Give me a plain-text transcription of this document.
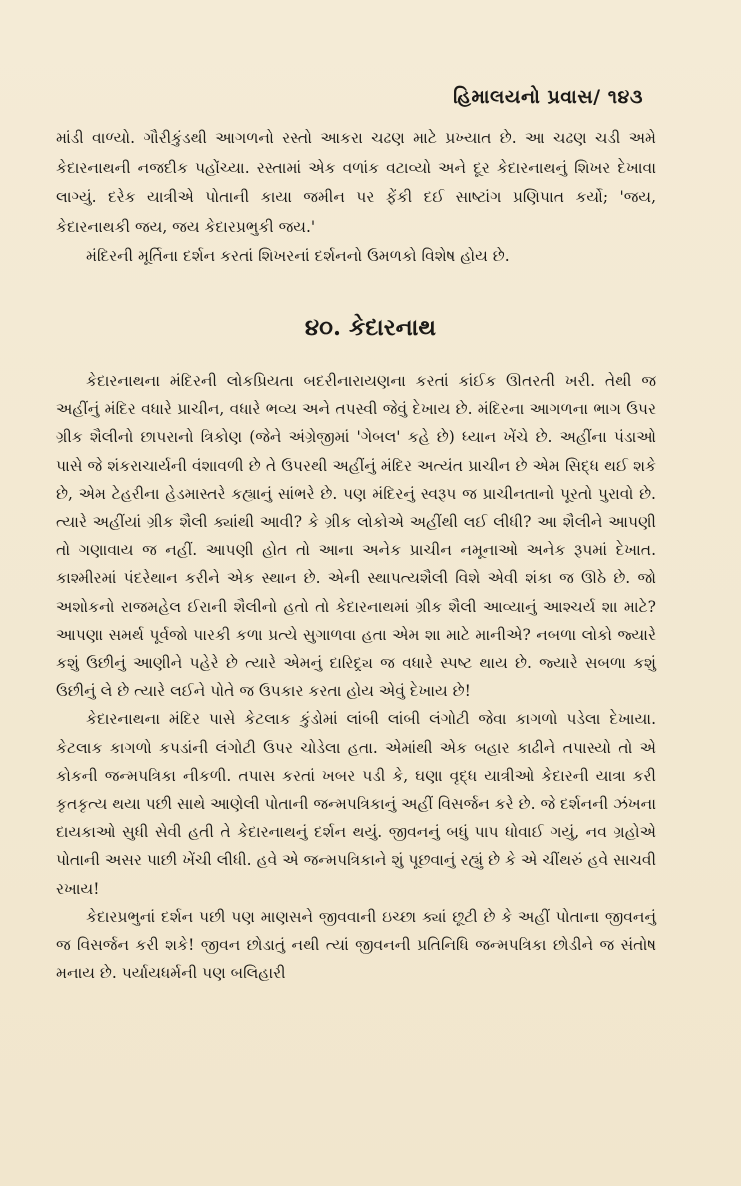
હિમાલયનો પ્રવાસ/ ૧૪૩

માંડી વાળ્યો. ગૌરીકુંડથી આગળનો રસ્તો આકરા ચઢણ માટે પ્રખ્યાત છે. આ ચઢણ ચડી અમે કેદારનાથની નજદીક પહોંચ્યા. રસ્તામાં એક વળાંક વટાવ્યો અને દૂર કેદારનાથનું શિખર દેખાવા લાગ્યું. દરેક યાત્રીએ પોતાની કાયા જમીન પર ફેંકી દઈ સાષ્ટાંગ પ્રણિપાત કર્યો; 'જય, કેદારનાથકી જય, જય કેદારપ્રભુકી જય.'

મંદિરની મૂર્તિના દર્શન કરતાં શિખરનાં દર્શનનો ઉમળકો વિશેષ હોય છે.

૪૦. કેદારનાથ

કેદારનાથના મંદિરની લોકપ્રિયતા બદરીનારાયણના કરતાં કાંઈક ઊતરતી ખરી. તેથી જ અહીંનું મંદિર વધારે પ્રાચીન, વધારે ભવ્ય અને તપસ્વી જેવું દેખાય છે. મંદિરના આગળના ભાગ ઉપર ગ્રીક શૈલીનો છાપરાનો ત્રિકોણ (જેને અંગ્રેજીમાં 'ગેબલ' કહે છે) ધ્યાન ખેંચે છે. અહીંના પંડાઓ પાસે જે શંકરાચાર્યની વંશાવળી છે તે ઉપરથી અહીંનું મંદિર અત્યંત પ્રાચીન છે એમ સિદ્ધ થઈ શકે છે, એમ ટેહરીના હેડમાસ્તરે કહ્યાનું સાંભરે છે. પણ મંદિરનું સ્વરૂપ જ પ્રાચીનતાનો પૂરતો પુરાવો છે. ત્યારે અહીંયાં ગ્રીક શૈલી ક્યાંથી આવી? કે ગ્રીક લોકોએ અહીંથી લઈ લીધી? આ શૈલીને આપણી તો ગણાવાય જ નહીં. આપણી હોત તો આના અનેક પ્રાચીન નમૂનાઓ અનેક રૂપમાં દેખાત. કાશ્મીરમાં પંદરેથાન કરીને એક સ્થાન છે. એની સ્થાપત્યશૈલી વિશે એવી શંકા જ ઊઠે છે. જો અશોકનો રાજમહેલ ઈરાની શૈલીનો હતો તો કેદારનાથમાં ગ્રીક શૈલી આવ્યાનું આશ્ચર્ય શા માટે? આપણા સમર્થ પૂર્વજો પારકી કળા પ્રત્યે સુગાળવા હતા એમ શા માટે માનીએ? નબળા લોકો જ્યારે કશું ઉછીનું આણીને પહેરે છે ત્યારે એમનું દારિદ્ર્ય જ વધારે સ્પષ્ટ થાય છે. જ્યારે સબળા કશું ઉછીનું લે છે ત્યારે લઈને પોતે જ ઉપકાર કરતા હોય એવું દેખાય છે!

કેદારનાથના મંદિર પાસે કેટલાક કુંડોમાં લાંબી લાંબી લંગોટી જેવા કાગળો પડેલા દેખાયા. કેટલાક કાગળો કપડાંની લંગોટી ઉપર ચોડેલા હતા. એમાંથી એક બહાર કાઢીને તપાસ્યો તો એ કોકની જન્મપત્રિકા નીકળી. તપાસ કરતાં ખબર પડી કે, ઘણા વૃદ્ધ યાત્રીઓ કેદારની યાત્રા કરી કૃતકૃત્ય થયા પછી સાથે આણેલી પોતાની જન્મપત્રિકાનું અહીં વિસર્જન કરે છે. જે દર્શનની ઝંખના દાયકાઓ સુધી સેવી હતી તે કેદારનાથનું દર્શન થયું. જીવનનું બધું પાપ ધોવાઈ ગયું, નવ ગ્રહોએ પોતાની અસર પાછી ખેંચી લીધી. હવે એ જન્મપત્રિકાને શું પૂછવાનું રહ્યું છે કે એ ચીંથરું હવે સાચવી રખાય!

કેદારપ્રભુનાં દર્શન પછી પણ માણસને જીવવાની ઇચ્છા ક્યાં છૂટી છે કે અહીં પોતાના જીવનનું જ વિસર્જન કરી શકે! જીવન છોડાતું નથી ત્યાં જીવનની પ્રતિનિધિ જન્મપત્રિકા છોડીને જ સંતોષ મનાય છે. પર્યાયધર્મની પણ બલિહારી
